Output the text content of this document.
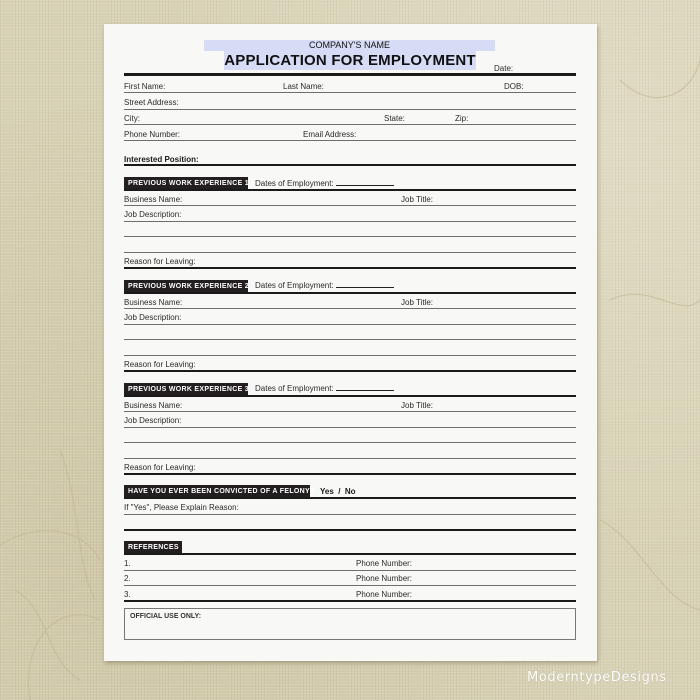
COMPANY'S NAME
APPLICATION FOR EMPLOYMENT	Date:
First Name:	Last Name:	DOB:
Street Address:
City:	State:	Zip:
Phone Number:	Email Address:
Interested Position:
PREVIOUS WORK EXPERIENCE 1 Dates of Employment:
Business Name:	Job Title:
Job Description:
Reason for Leaving:
PREVIOUS WORK EXPERIENCE 2 Dates of Employment:
Business Name:	Job Title:
Job Description:
Reason for Leaving:
PREVIOUS WORK EXPERIENCE 3 Dates of Employment:
Business Name:	Job Title:
Job Description:
Reason for Leaving:
HAVE YOU EVER BEEN CONVICTED OF A FELONY? Yes  /  No
If "Yes", Please Explain Reason:
REFERENCES
1.	Phone Number:
2.	Phone Number:
3.	Phone Number:
OFFICIAL USE ONLY:
ModerntypeDesigns
